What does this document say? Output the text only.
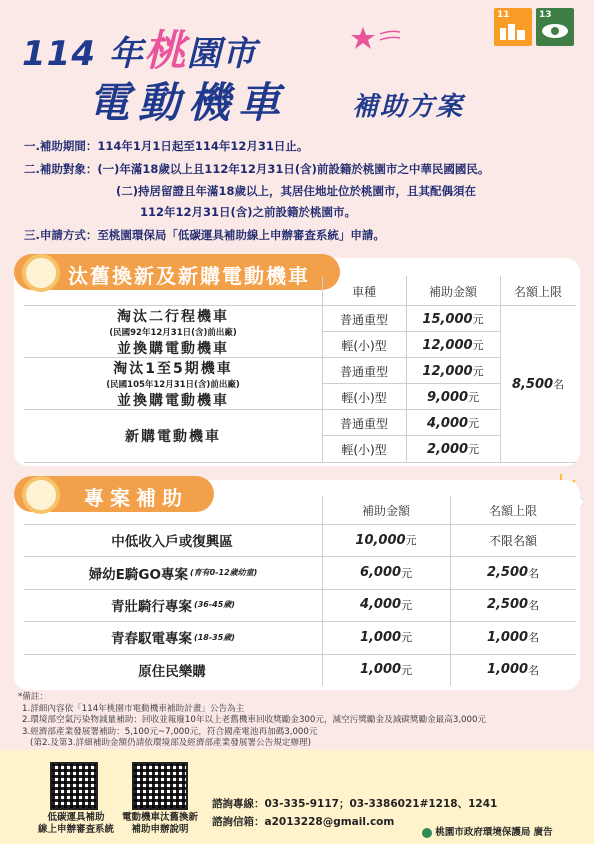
114 年桃園市
電動機車 補助方案
11	13
一.補助期間：114年1月1日起至114年12月31日止。
二.補助對象：(一)年滿18歲以上且112年12月31日(含)前設籍於桃園市之中華民國國民。
(二)持居留證且年滿18歲以上，其居住地址位於桃園市，且其配偶須在
112年12月31日(含)之前設籍於桃園市。
三.申請方式：至桃園環保局「低碳運具補助線上申辦審查系統」申請。
汰舊換新及新購電動機車
車種	補助金額	名額上限
淘汰二行程機車
(民國92年12月31日(含)前出廠)
並換購電動機車
普通重型	15,000 元
輕(小)型	12,000 元
淘汰1至5期機車
(民國105年12月31日(含)前出廠)
並換購電動機車
普通重型	12,000 元
輕(小)型	9,000 元
新購電動機車
普通重型	4,000 元
輕(小)型	2,000 元
8,500 名
專案補助
補助金額	名額上限
中低收入戶或復興區	10,000 元	不限名額
婦幼E騎GO專案 (育有0-12歲幼童)	6,000 元	2,500 名
青壯騎行專案 (36-45歲)	4,000 元	2,500 名
青春馭電專案 (18-35歲)	1,000 元	1,000 名
原住民樂購	1,000 元	1,000 名
*備註：
1.詳細內容依「114年桃園市電動機車補助計畫」公告為主
2.環境部空氣污染物減量補助：回收並報廢10年以上老舊機車回收獎勵金300元，減空污獎勵金及減碳獎勵金最高3,000元
3.經濟部產業發展署補助：5,100元~7,000元，符合國產電池再加碼3,000元
(第2.及第3.詳細補助金額仍請依環境部及經濟部產業發展署公告規定辦理)
低碳運具補助
線上申辦審查系統
電動機車汰舊換新
補助申辦說明
諮詢專線：03-335-9117；03-3386021#1218、1241
諮詢信箱：a2013228@gmail.com
桃園市政府環境保護局 廣告
